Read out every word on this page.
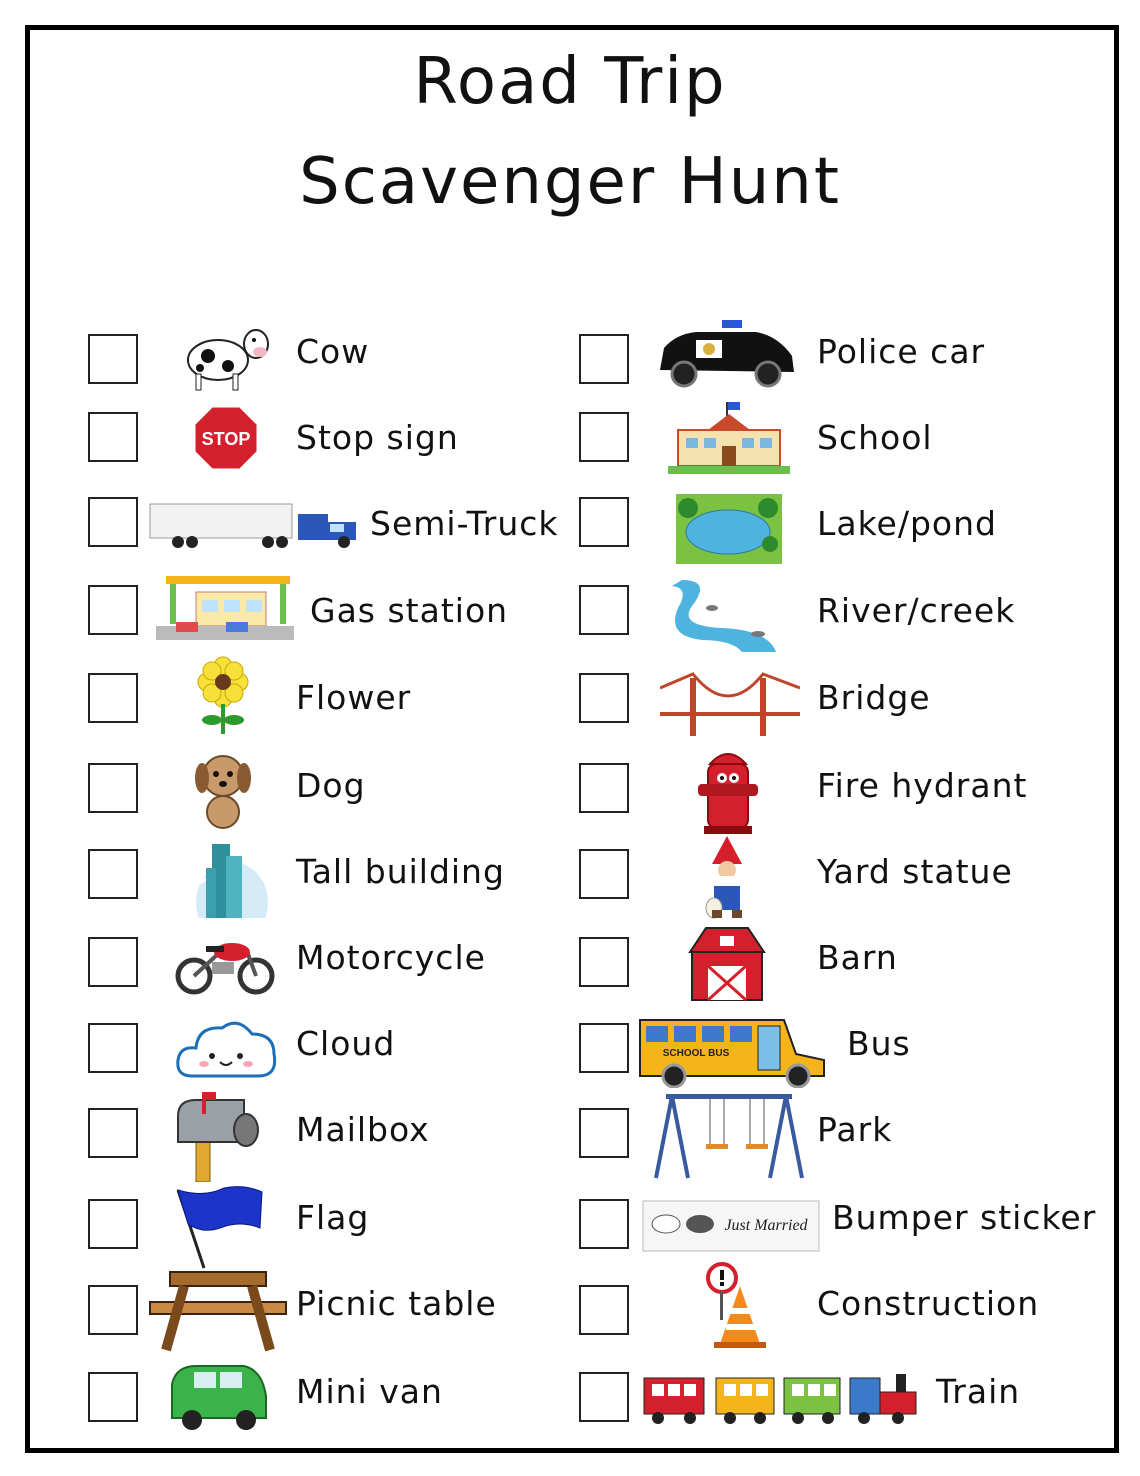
Road Trip
Scavenger Hunt
Cow
STOP Stop sign
Semi-Truck
Gas station
Flower
Dog
Tall building
Motorcycle
Cloud
Mailbox
Flag
Picnic table
Mini van
Police car
School
Lake/pond
River/creek
Bridge
Fire hydrant
Yard statue
Barn
SCHOOL BUS	Bus
Park
Just Married Bumper sticker
Construction
Train
